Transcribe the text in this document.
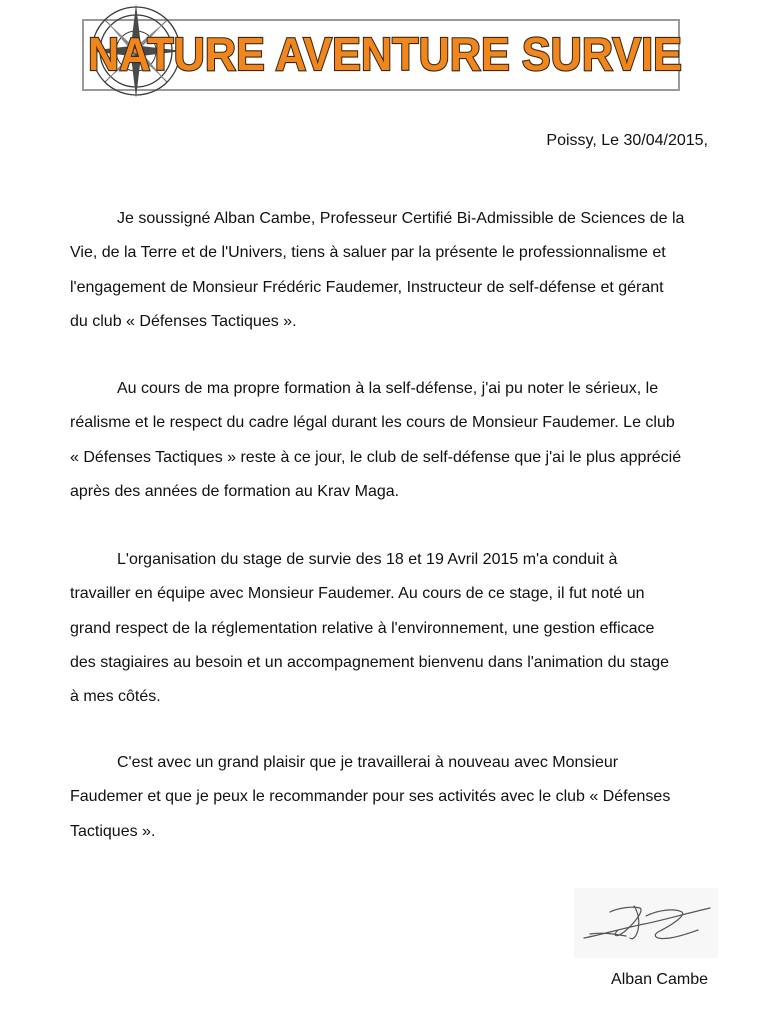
NATURE AVENTURE SURVIE
Poissy, Le 30/04/2015,

Je soussigné Alban Cambe, Professeur Certifié Bi-Admissible de Sciences de la
Vie, de la Terre et de l'Univers, tiens à saluer par la présente le professionnalisme et
l'engagement de Monsieur Frédéric Faudemer, Instructeur de self-défense et gérant
du club « Défenses Tactiques ».

Au cours de ma propre formation à la self-défense, j'ai pu noter le sérieux, le
réalisme et le respect du cadre légal durant les cours de Monsieur Faudemer. Le club
« Défenses Tactiques » reste à ce jour, le club de self-défense que j'ai le plus apprécié
après des années de formation au Krav Maga.

L'organisation du stage de survie des 18 et 19 Avril 2015 m'a conduit à
travailler en équipe avec Monsieur Faudemer. Au cours de ce stage, il fut noté un
grand respect de la réglementation relative à l'environnement, une gestion efficace
des stagiaires au besoin et un accompagnement bienvenu dans l'animation du stage
à mes côtés.

C'est avec un grand plaisir que je travaillerai à nouveau avec Monsieur
Faudemer et que je peux le recommander pour ses activités avec le club « Défenses
Tactiques ».

Alban Cambe
